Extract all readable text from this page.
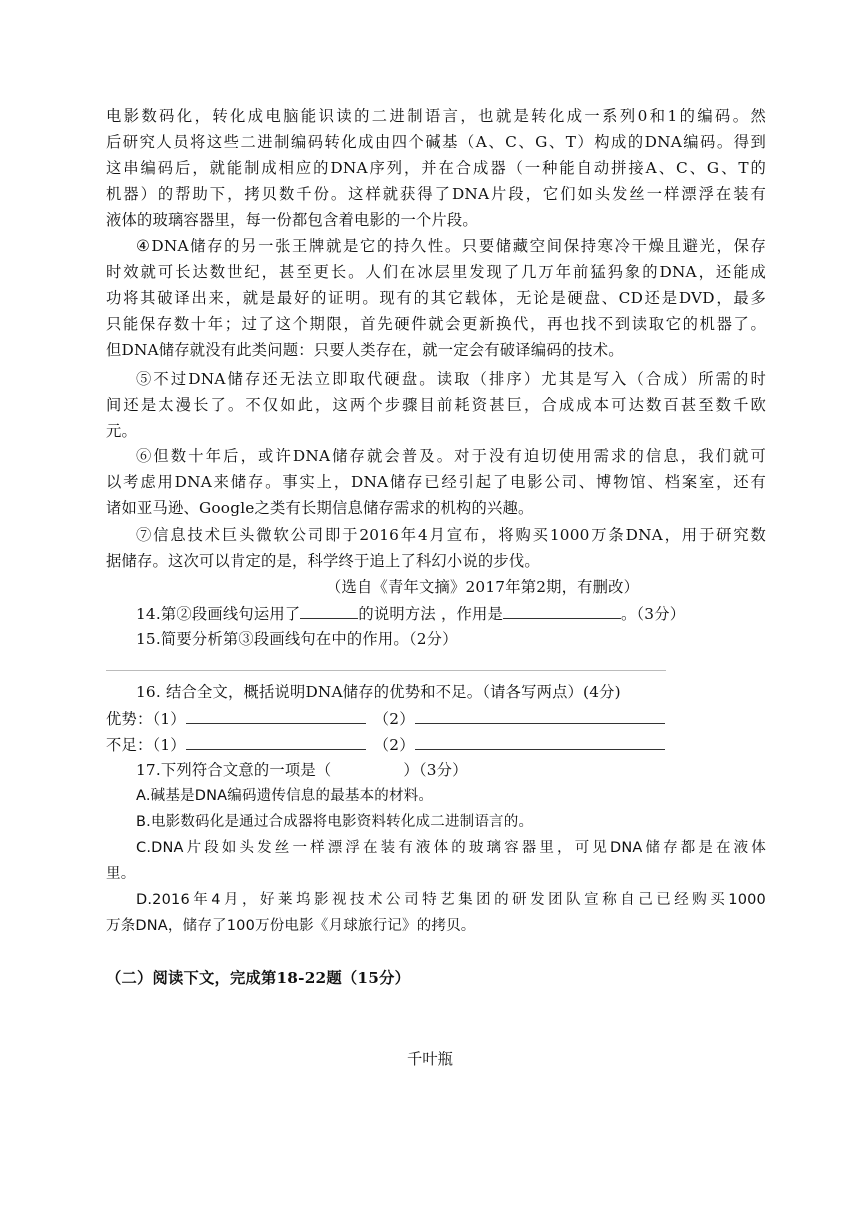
电影数码化，转化成电脑能识读的二进制语言，也就是转化成一系列0和1的编码。然
后研究人员将这些二进制编码转化成由四个碱基（A、C、G、T）构成的DNA编码。得到
这串编码后，就能制成相应的DNA序列，并在合成器（一种能自动拼接A、C、G、T的
机器）的帮助下，拷贝数千份。这样就获得了DNA片段，它们如头发丝一样漂浮在装有
液体的玻璃容器里，每一份都包含着电影的一个片段。
④DNA储存的另一张王牌就是它的持久性。只要储藏空间保持寒冷干燥且避光，保存
时效就可长达数世纪，甚至更长。人们在冰层里发现了几万年前猛犸象的DNA，还能成
功将其破译出来，就是最好的证明。现有的其它载体，无论是硬盘、CD还是DVD，最多
只能保存数十年；过了这个期限，首先硬件就会更新换代，再也找不到读取它的机器了。
但DNA储存就没有此类问题：只要人类存在，就一定会有破译编码的技术。
⑤不过DNA储存还无法立即取代硬盘。读取（排序）尤其是写入（合成）所需的时
间还是太漫长了。不仅如此，这两个步骤目前耗资甚巨，合成成本可达数百甚至数千欧
元。
⑥但数十年后，或许DNA储存就会普及。对于没有迫切使用需求的信息，我们就可
以考虑用DNA来储存。事实上，DNA储存已经引起了电影公司、博物馆、档案室，还有
诸如亚马逊、Google之类有长期信息储存需求的机构的兴趣。
⑦信息技术巨头微软公司即于2016年4月宣布，将购买1000万条DNA，用于研究数
据储存。这次可以肯定的是，科学终于追上了科幻小说的步伐。
（选自《青年文摘》2017年第2期，有删改）
14.第②段画线句运用了	的说明方法 ，作用是	。（3分）
15.简要分析第③段画线句在中的作用。（2分）
16. 结合全文，概括说明DNA储存的优势和不足。（请各写两点）(4分)
优势：（1）	（2）
不足：（1）	（2）
17.下列符合文意的一项是（	）（3分）
A.碱基是DNA编码遗传信息的最基本的材料。
B.电影数码化是通过合成器将电影资料转化成二进制语言的。
C.DNA片段如头发丝一样漂浮在装有液体的玻璃容器里，可见DNA储存都是在液体
里。
D.2016年4月，好莱坞影视技术公司特艺集团的研发团队宣称自己已经购买1000
万条DNA，储存了100万份电影《月球旅行记》的拷贝。
（二）阅读下文，完成第18-22题（15分）
千叶瓶
